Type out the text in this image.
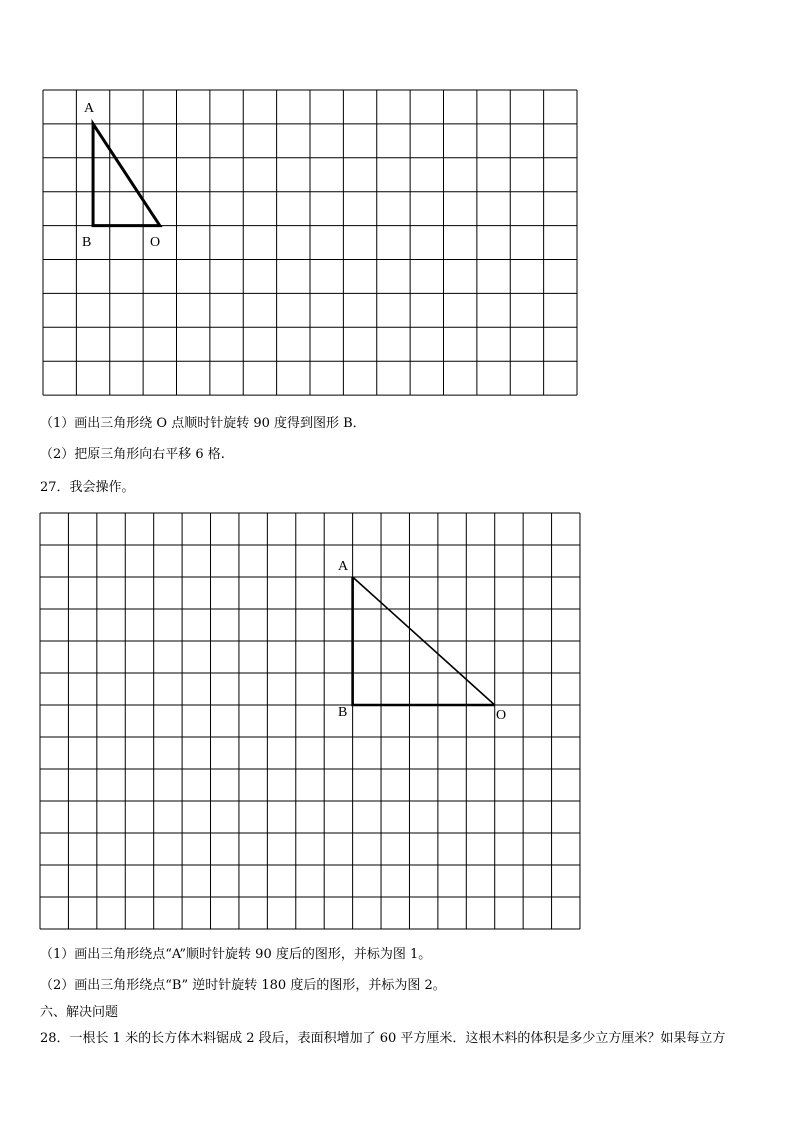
A
B	O
A
B	O
（1）画出三角形绕 O 点顺时针旋转 90 度得到图形 B．
（2）把原三角形向右平移 6 格.
27．我会操作。
（1）画出三角形绕点“A”顺时针旋转 90 度后的图形，并标为图 1。
（2）画出三角形绕点“B” 逆时针旋转 180 度后的图形，并标为图 2。
六、解决问题
28．一根长 1 米的长方体木料锯成 2 段后，表面积增加了 60 平方厘米．这根木料的体积是多少立方厘米？如果每立方
